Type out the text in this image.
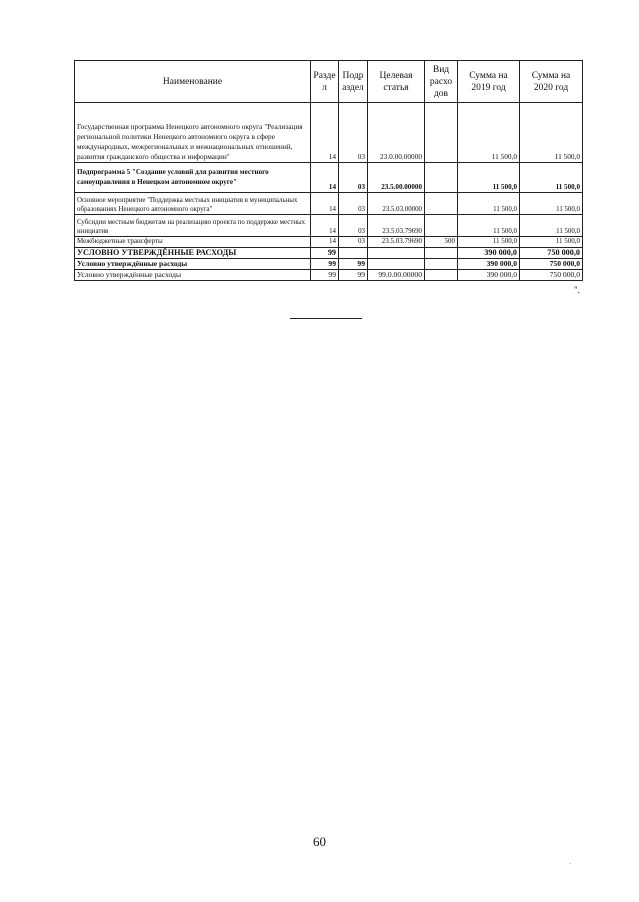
Наименование	Разде л	Подр аздел	Целевая статья	Вид расхо дов	Сумма на 2019 год	Сумма на 2020 год
Государственная программа Ненецкого автономного округа "Реализация региональной политики Ненецкого автономного округа в сфере международных, межрегиональных и межнациональных отношений, развития гражданского общества и информации"	14	03	23.0.00.00000		11 500,0	11 500,0
Подпрограмма 5 "Создание условий для развития местного самоуправления в Ненецком автономном округе"	14	03	23.5.00.00000		11 500,0	11 500,0
Основное мероприятие "Поддержка местных инициатив в муниципальных образованиях Ненецкого автономного округа"	14	03	23.5.03.00000		11 500,0	11 500,0
Субсидии местным бюджетам на реализацию проекта по поддержке местных инициатив	14	03	23.5.03.79690		11 500,0	11 500,0
Межбюджетные трансферты	14	03	23.5.03.79690	500	11 500,0	11 500,0
УСЛОВНО УТВЕРЖДЁННЫЕ РАСХОДЫ	99				390 000,0	750 000,0
Условно утверждённые расходы	99	99			390 000,0	750 000,0
Условно утверждённые расходы	99	99	99.0.00.00000		390 000,0	750 000,0
".
60
·
